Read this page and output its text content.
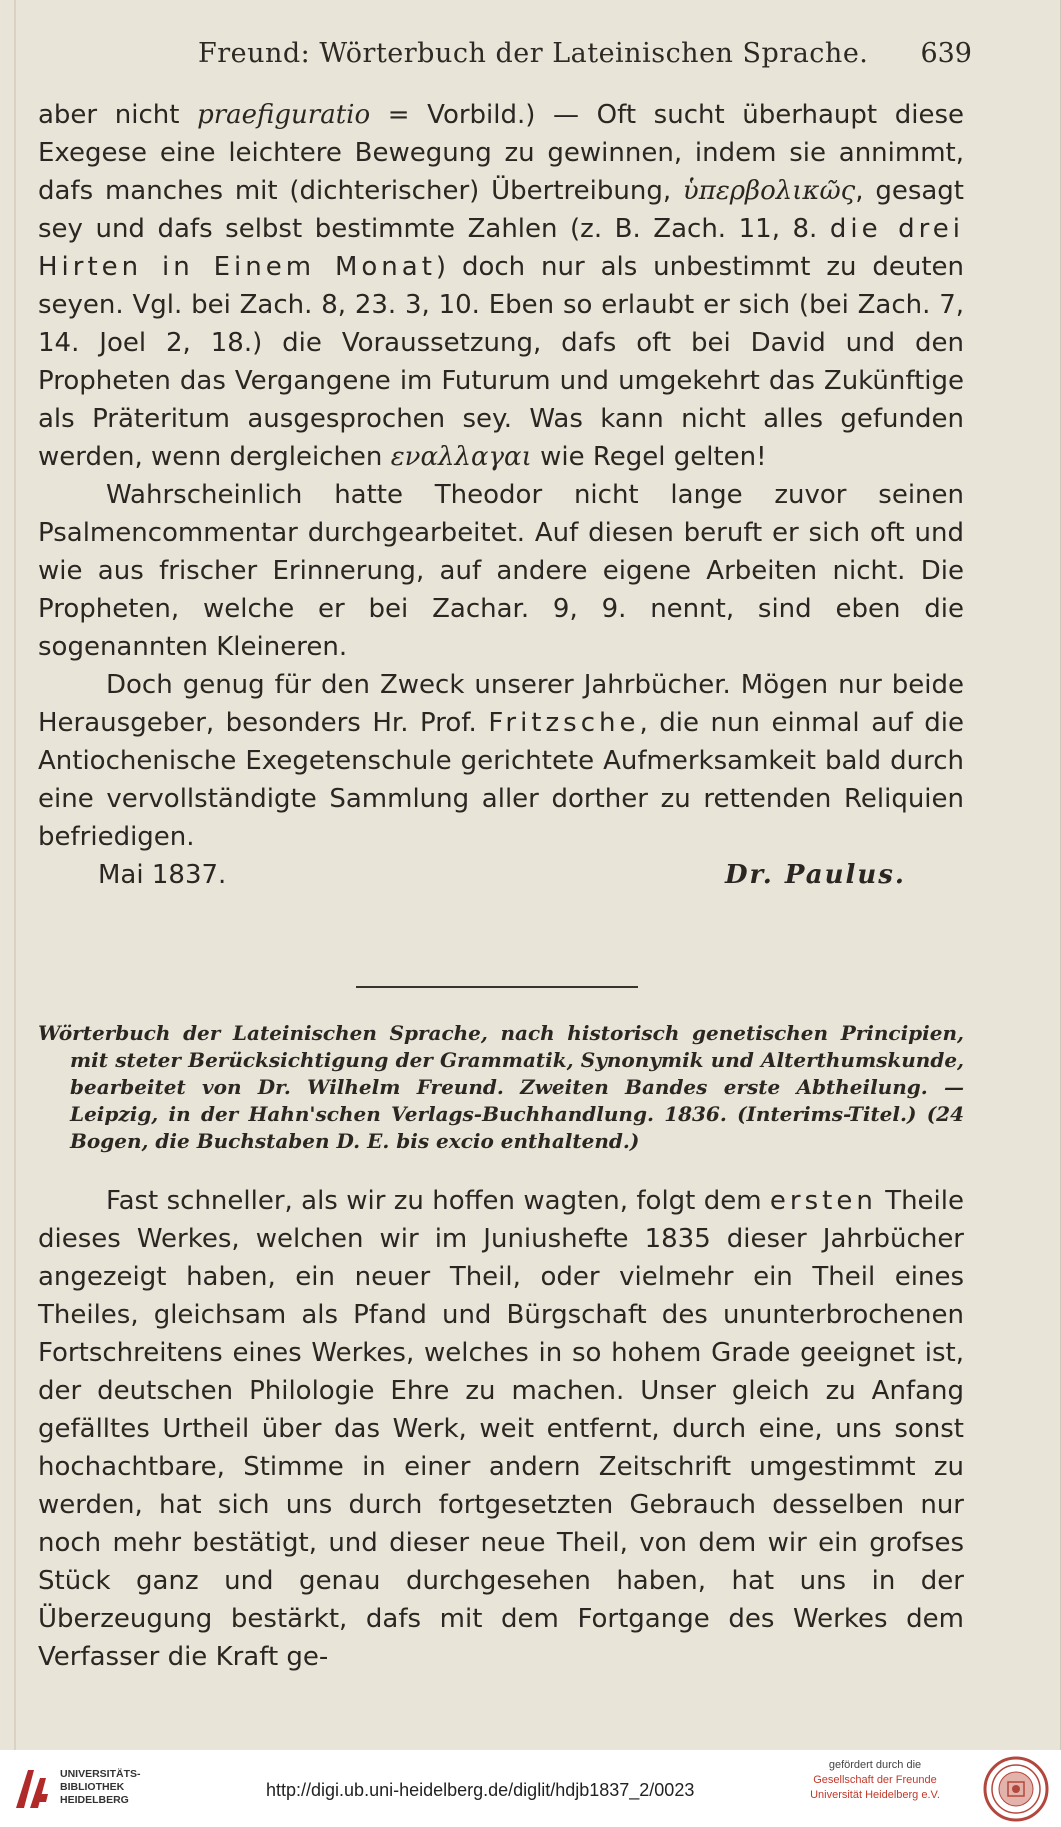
Freund: Wörterbuch der Lateinischen Sprache.	639

aber nicht praefiguratio = Vorbild.) — Oft sucht überhaupt diese Exegese eine leichtere Bewegung zu gewinnen, indem sie annimmt, dafs manches mit (dichterischer) Übertreibung, ὑπερβολικῶς, gesagt sey und dafs selbst bestimmte Zahlen (z. B. Zach. 11, 8. die drei Hirten in Einem Monat) doch nur als unbestimmt zu deuten seyen. Vgl. bei Zach. 8, 23. 3, 10. Eben so erlaubt er sich (bei Zach. 7, 14. Joel 2, 18.) die Voraussetzung, dafs oft bei David und den Propheten das Vergangene im Futurum und umgekehrt das Zukünftige als Präteritum ausgesprochen sey. Was kann nicht alles gefunden werden, wenn dergleichen εναλλαγαι wie Regel gelten!

Wahrscheinlich hatte Theodor nicht lange zuvor seinen Psalmencommentar durchgearbeitet. Auf diesen beruft er sich oft und wie aus frischer Erinnerung, auf andere eigene Arbeiten nicht. Die Propheten, welche er bei Zachar. 9, 9. nennt, sind eben die sogenannten Kleineren.

Doch genug für den Zweck unserer Jahrbücher. Mögen nur beide Herausgeber, besonders Hr. Prof. Fritzsche, die nun einmal auf die Antiochenische Exegetenschule gerichtete Aufmerksamkeit bald durch eine vervollständigte Sammlung aller dorther zu rettenden Reliquien befriedigen.

Mai 1837.	Dr. Paulus.
Wörterbuch der Lateinischen Sprache, nach historisch genetischen Principien, mit steter Berücksichtigung der Grammatik, Synonymik und Alterthumskunde, bearbeitet von Dr. Wilhelm Freund. Zweiten Bandes erste Abtheilung. — Leipzig, in der Hahn'schen Verlags-Buchhandlung. 1836. (Interims-Titel.) (24 Bogen, die Buchstaben D. E. bis excio enthaltend.)

Fast schneller, als wir zu hoffen wagten, folgt dem ersten Theile dieses Werkes, welchen wir im Juniushefte 1835 dieser Jahrbücher angezeigt haben, ein neuer Theil, oder vielmehr ein Theil eines Theiles, gleichsam als Pfand und Bürgschaft des ununterbrochenen Fortschreitens eines Werkes, welches in so hohem Grade geeignet ist, der deutschen Philologie Ehre zu machen. Unser gleich zu Anfang gefälltes Urtheil über das Werk, weit entfernt, durch eine, uns sonst hochachtbare, Stimme in einer andern Zeitschrift umgestimmt zu werden, hat sich uns durch fortgesetzten Gebrauch desselben nur noch mehr bestätigt, und dieser neue Theil, von dem wir ein grofses Stück ganz und genau durchgesehen haben, hat uns in der Überzeugung bestärkt, dafs mit dem Fortgange des Werkes dem Verfasser die Kraft ge-

UNIVERSITÄTS-
BIBLIOTHEK
HEIDELBERG	http://digi.ub.uni-heidelberg.de/diglit/hdjb1837_2/0023
gefördert durch die
Gesellschaft der Freunde
Universität Heidelberg e.V.
